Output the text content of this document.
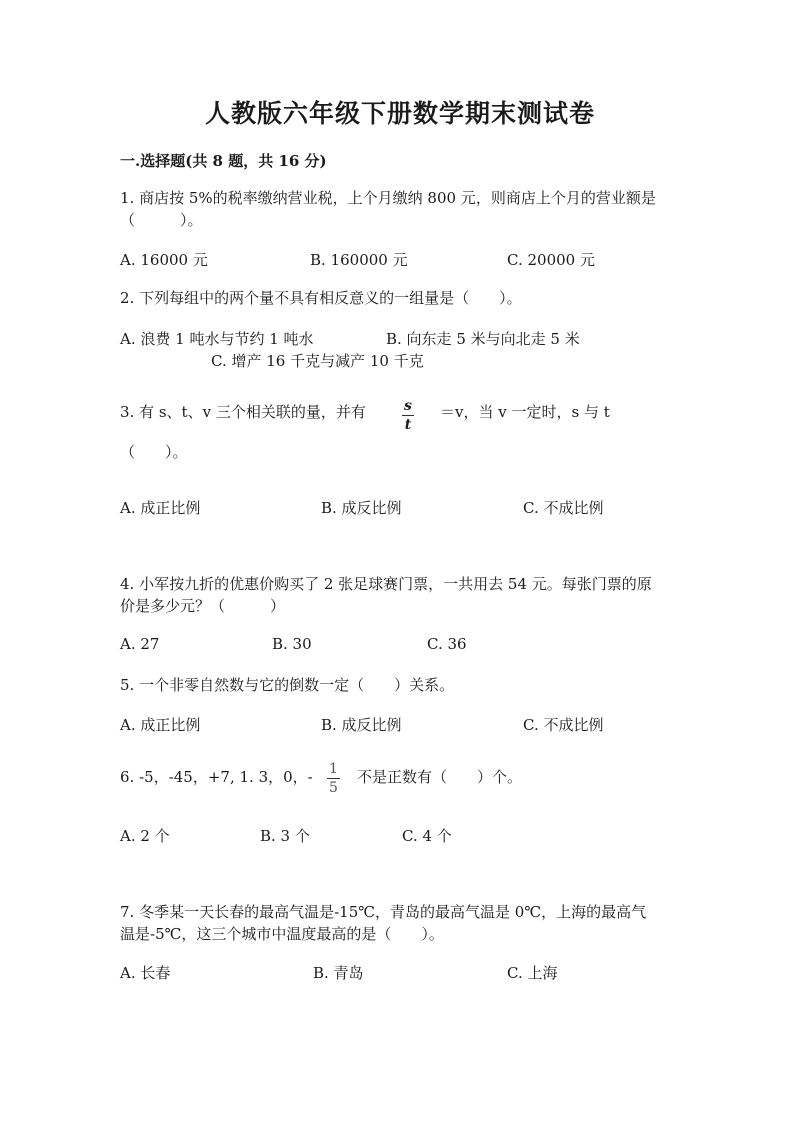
人教版六年级下册数学期末测试卷
一.选择题(共 8 题，共 16 分)
1. 商店按 5%的税率缴纳营业税，上个月缴纳 800 元，则商店上个月的营业额是
（　　　）。
A. 16000 元	B. 160000 元	C. 20000 元
2. 下列每组中的两个量不具有相反意义的一组量是（　　）。
A. 浪费 1 吨水与节约 1 吨水	B. 向东走 5 米与向北走 5 米
C. 增产 16 千克与减产 10 千克
3. 有 s、t、v 三个相关联的量，并有	s
t
＝v，当 v 一定时，s 与 t
（　　）。
A. 成正比例	B. 成反比例	C. 不成比例
4. 小军按九折的优惠价购买了 2 张足球赛门票，一共用去 54 元。每张门票的原
价是多少元？（　　　）
A. 27	B. 30	C. 36
5. 一个非零自然数与它的倒数一定（　　）关系。
A. 成正比例	B. 成反比例	C. 不成比例
6. -5，-45，+7, 1. 3，0，- 1
5
不是正数有（　　）个。
A. 2 个	B. 3 个	C. 4 个
7. 冬季某一天长春的最高气温是-15℃，青岛的最高气温是 0℃，上海的最高气
温是-5℃，这三个城市中温度最高的是（　　）。
A. 长春	B. 青岛	C. 上海
